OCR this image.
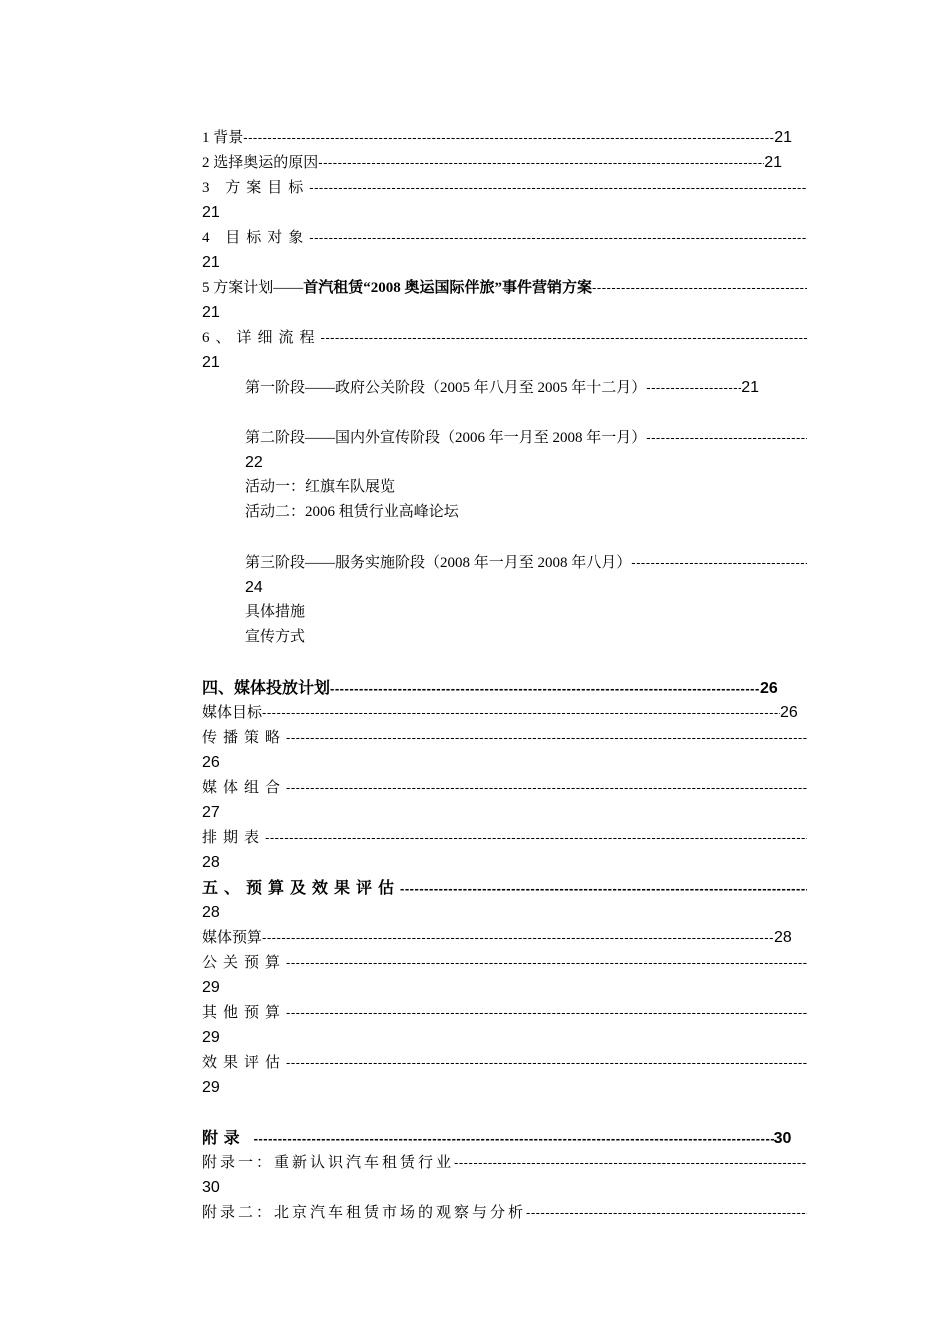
1 背景 -----	21
2 选择奥运的原因 -----	21
3 方案目标
-----
21
4 目标对象
-----
21
5 方案计划—— 首汽租赁“2008 奥运国际伴旅”事件营销方案
-----
21
6、详细流程
-----
21
第一阶段——政府公关阶段（2005 年八月至 2005 年十二月） -----	21
第二阶段——国内外宣传阶段（2006 年一月至 2008 年一月）
-----
22
活动一：红旗车队展览
活动二：2006 租赁行业高峰论坛
第三阶段——服务实施阶段（2008 年一月至 2008 年八月）
-----
24
具体措施
宣传方式
四、媒体投放计划 -----	26
媒体目标 -----	26
传播策略
-----
26
媒体组合
-----
27
排期表
-----
28
五、预算及效果评估
-----
28
媒体预算 -----	28
公关预算
-----
29
其他预算
-----
29
效果评估
-----
29
附 录 -----	30
附录一：重新认识汽车租赁行业
-----
30
附录二：北京汽车租赁市场的观察与分析
-----
